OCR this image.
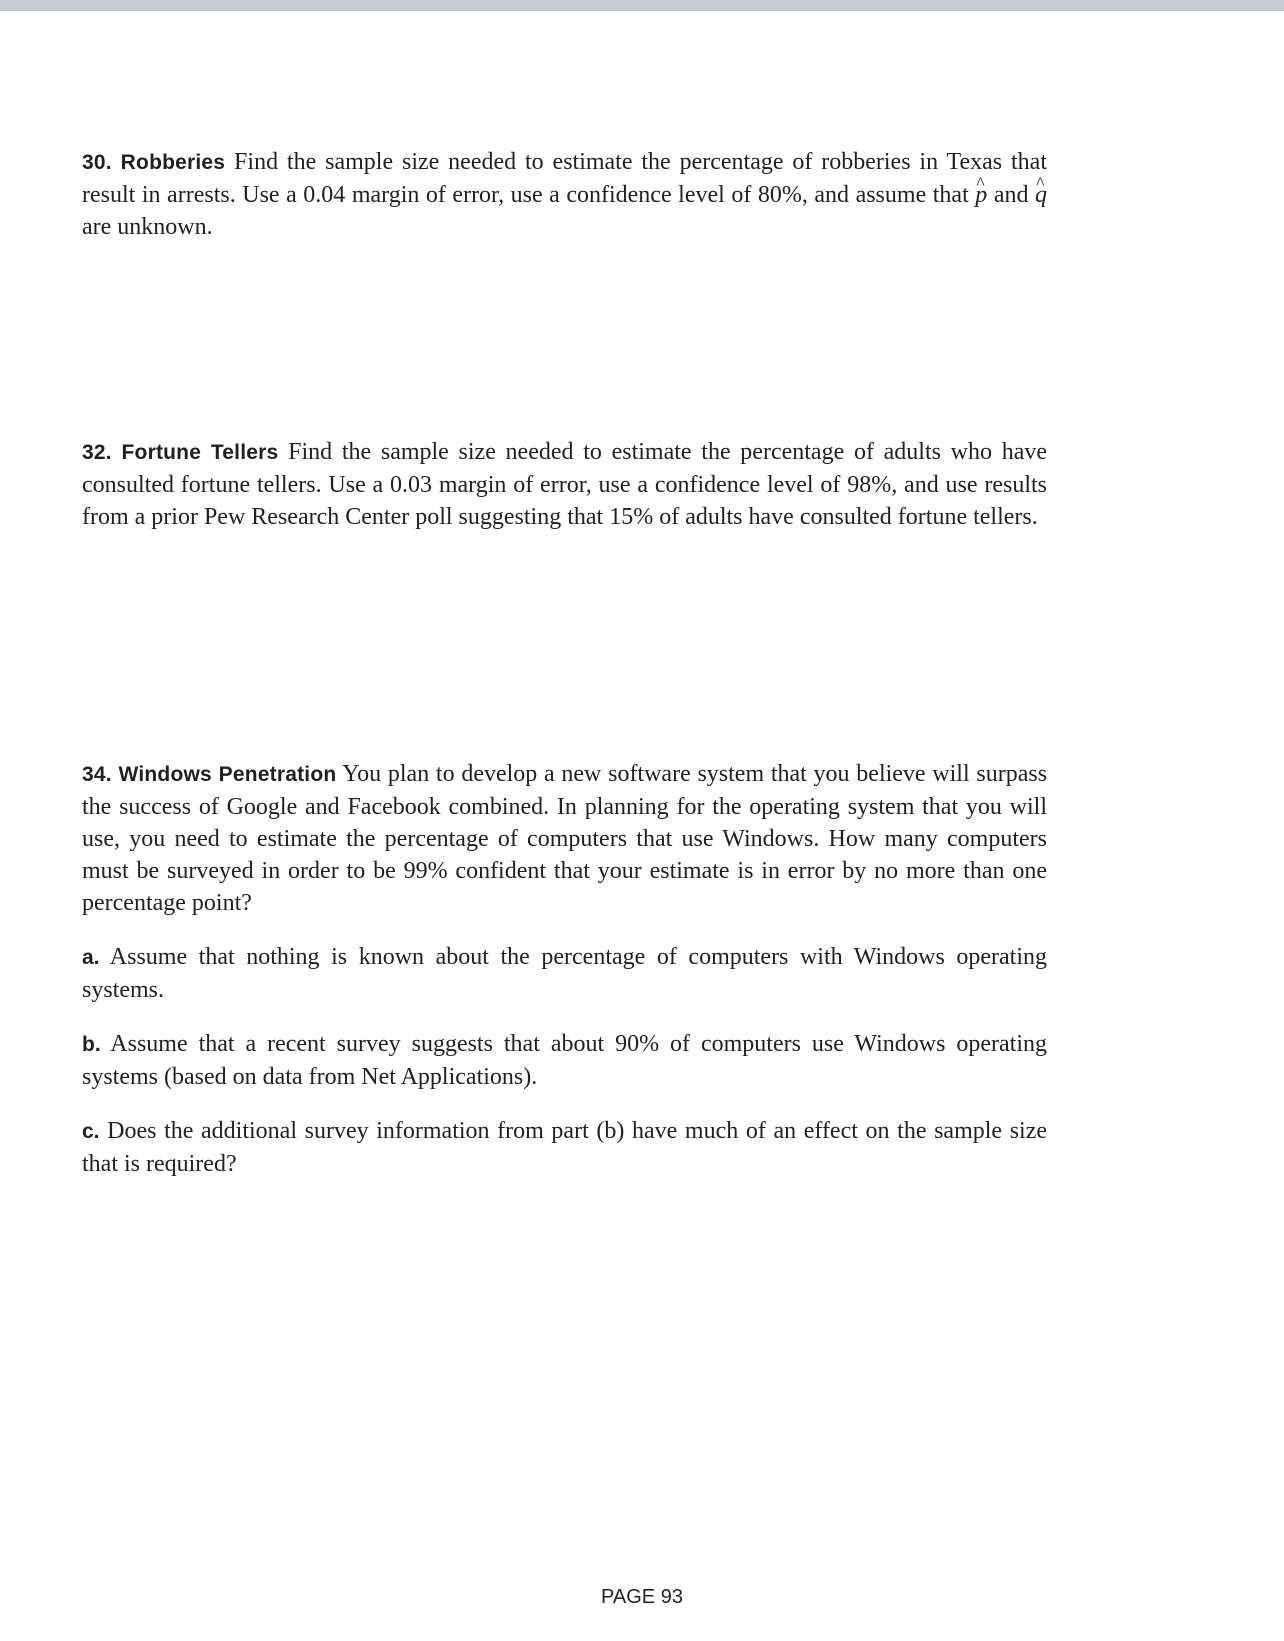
30. Robberies Find the sample size needed to estimate the percentage of robberies in Texas that result in arrests. Use a 0.04 margin of error, use a confidence level of 80%, and assume that ^ p and ^ q are unknown.

32. Fortune Tellers Find the sample size needed to estimate the percentage of adults who have consulted fortune tellers. Use a 0.03 margin of error, use a confidence level of 98%, and use results from a prior Pew Research Center poll suggesting that 15% of adults have consulted fortune tellers.

34. Windows Penetration You plan to develop a new software system that you believe will surpass the success of Google and Facebook combined. In planning for the operating system that you will use, you need to estimate the percentage of computers that use Windows. How many computers must be surveyed in order to be 99% confident that your estimate is in error by no more than one percentage point?

a. Assume that nothing is known about the percentage of computers with Windows operating systems.

b. Assume that a recent survey suggests that about 90% of computers use Windows operating systems (based on data from Net Applications).

c. Does the additional survey information from part (b) have much of an effect on the sample size that is required?

PAGE 93
